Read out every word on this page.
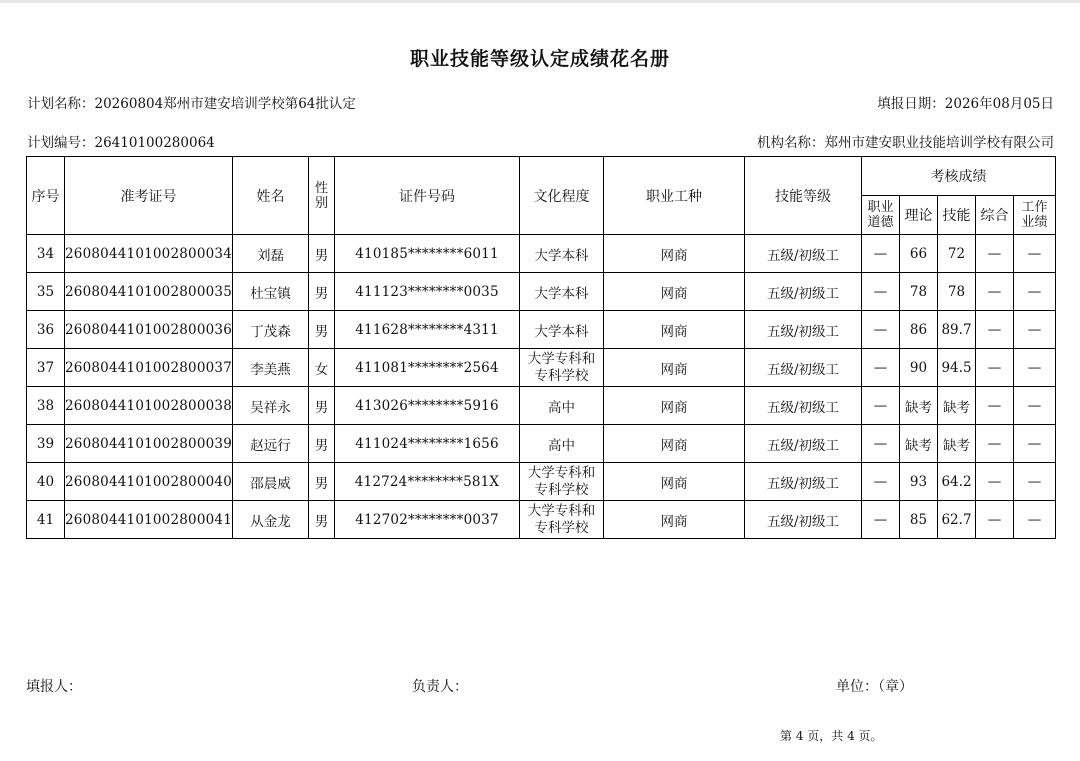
职业技能等级认定成绩花名册
计划名称：20260804郑州市建安培训学校第64批认定	填报日期：2026年08月05日
计划编号：26410100280064	机构名称：郑州市建安职业技能培训学校有限公司
序号	准考证号	姓名	性别	证件号码	文化程度	职业工种	技能等级	考核成绩				
								职业道德	理论	技能	综合	工作业绩
34	260804410100280003​4	刘磊	男	410185********6011	大学本科	网商	五级/初级工	—	66	72	—	—
35	2608044101002800035	杜宝镇	男	411123********0035	大学本科	网商	五级/初级工	—	78	78	—	—
36	2608044101002800036	丁茂森	男	411628********4311	大学本科	网商	五级/初级工	—	86	89.7	—	—
37	2608044101002800037	李美燕	女	411081********2564	大学专科和
专科学校	网商	五级/初级工	—	90	94.5	—	—
38	2608044101002800038	吴祥永	男	413026********5916	高中	网商	五级/初级工	—	缺考	缺考	—	—
39	2608044101002800039	赵远行	男	411024********1656	高中	网商	五级/初级工	—	缺考	缺考	—	—
40	2608044101002800040	邵晨威	男	412724********581X	大学专科和
专科学校	网商	五级/初级工	—	93	64.2	—	—
41	2608044101002800041	从金龙	男	412702********0037	大学专科和
专科学校	网商	五级/初级工	—	85	62.7	—	—
填报人：	负责人：	单位：（章）
第 4 页，共 4 页。
